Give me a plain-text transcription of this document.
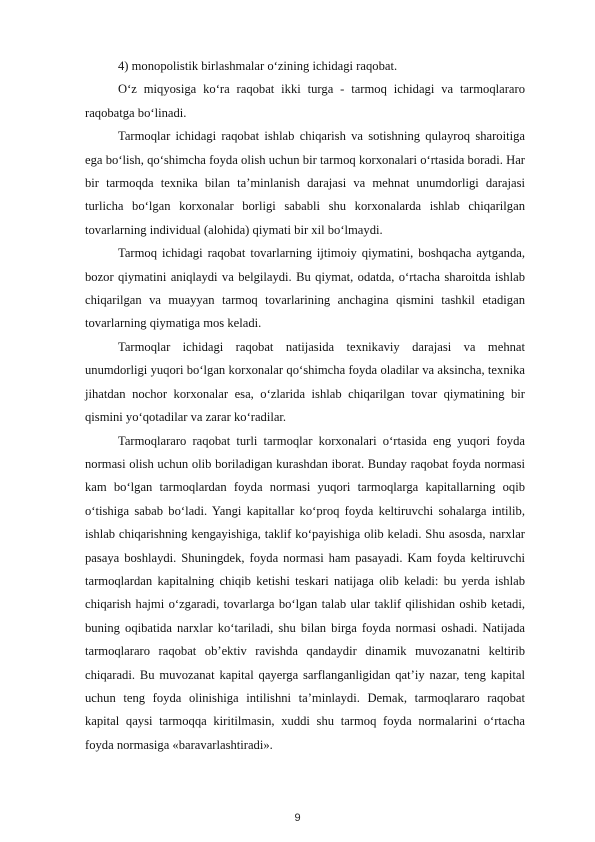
4) monopolistik birlashmalar o‘zining ichidagi raqobat.

O‘z miqyosiga ko‘ra raqobat ikki turga - tarmoq ichidagi va tarmoqlararo raqobatga bo‘linadi.

Tarmoqlar ichidagi raqobat ishlab chiqarish va sotishning qulayroq sharoitiga ega bo‘lish, qo‘shimcha foyda olish uchun bir tarmoq korxonalari o‘rtasida boradi. Har bir tarmoqda texnika bilan ta’minlanish darajasi va mehnat unumdorligi darajasi turlicha bo‘lgan korxonalar borligi sababli shu korxonalarda ishlab chiqarilgan tovarlarning individual (alohida) qiymati bir xil bo‘lmaydi.

Tarmoq ichidagi raqobat tovarlarning ijtimoiy qiymatini, boshqacha aytganda, bozor qiymatini aniqlaydi va belgilaydi. Bu qiymat, odatda, o‘rtacha sharoitda ishlab chiqarilgan va muayyan tarmoq tovarlarining anchagina qismini tashkil etadigan tovarlarning qiymatiga mos keladi.

Tarmoqlar ichidagi raqobat natijasida texnikaviy darajasi va mehnat unumdorligi yuqori bo‘lgan korxonalar qo‘shimcha foyda oladilar va aksincha, texnika jihatdan nochor korxonalar esa, o‘zlarida ishlab chiqarilgan tovar qiymatining bir qismini yo‘qotadilar va zarar ko‘radilar.

Tarmoqlararo raqobat turli tarmoqlar korxonalari o‘rtasida eng yuqori foyda normasi olish uchun olib boriladigan kurashdan iborat. Bunday raqobat foyda normasi kam bo‘lgan tarmoqlardan foyda normasi yuqori tarmoqlarga kapitallarning oqib o‘tishiga sabab bo‘ladi. Yangi kapitallar ko‘proq foyda keltiruvchi sohalarga intilib, ishlab chiqarishning kengayishiga, taklif ko‘payishiga olib keladi. Shu asosda, narxlar pasaya boshlaydi. Shuningdek, foyda normasi ham pasayadi. Kam foyda keltiruvchi tarmoqlardan kapitalning chiqib ketishi teskari natijaga olib keladi: bu yerda ishlab chiqarish hajmi o‘zgaradi, tovarlarga bo‘lgan talab ular taklif qilishidan oshib ketadi, buning oqibatida narxlar ko‘tariladi, shu bilan birga foyda normasi oshadi. Natijada tarmoqlararo raqobat ob’ektiv ravishda qandaydir dinamik muvozanatni keltirib chiqaradi. Bu muvozanat kapital qayerga sarflanganligidan qat’iy nazar, teng kapital uchun teng foyda olinishiga intilishni ta’minlaydi. Demak, tarmoqlararo raqobat kapital qaysi tarmoqqa kiritilmasin, xuddi shu tarmoq foyda normalarini o‘rtacha foyda normasiga «baravarlashtiradi».

9
